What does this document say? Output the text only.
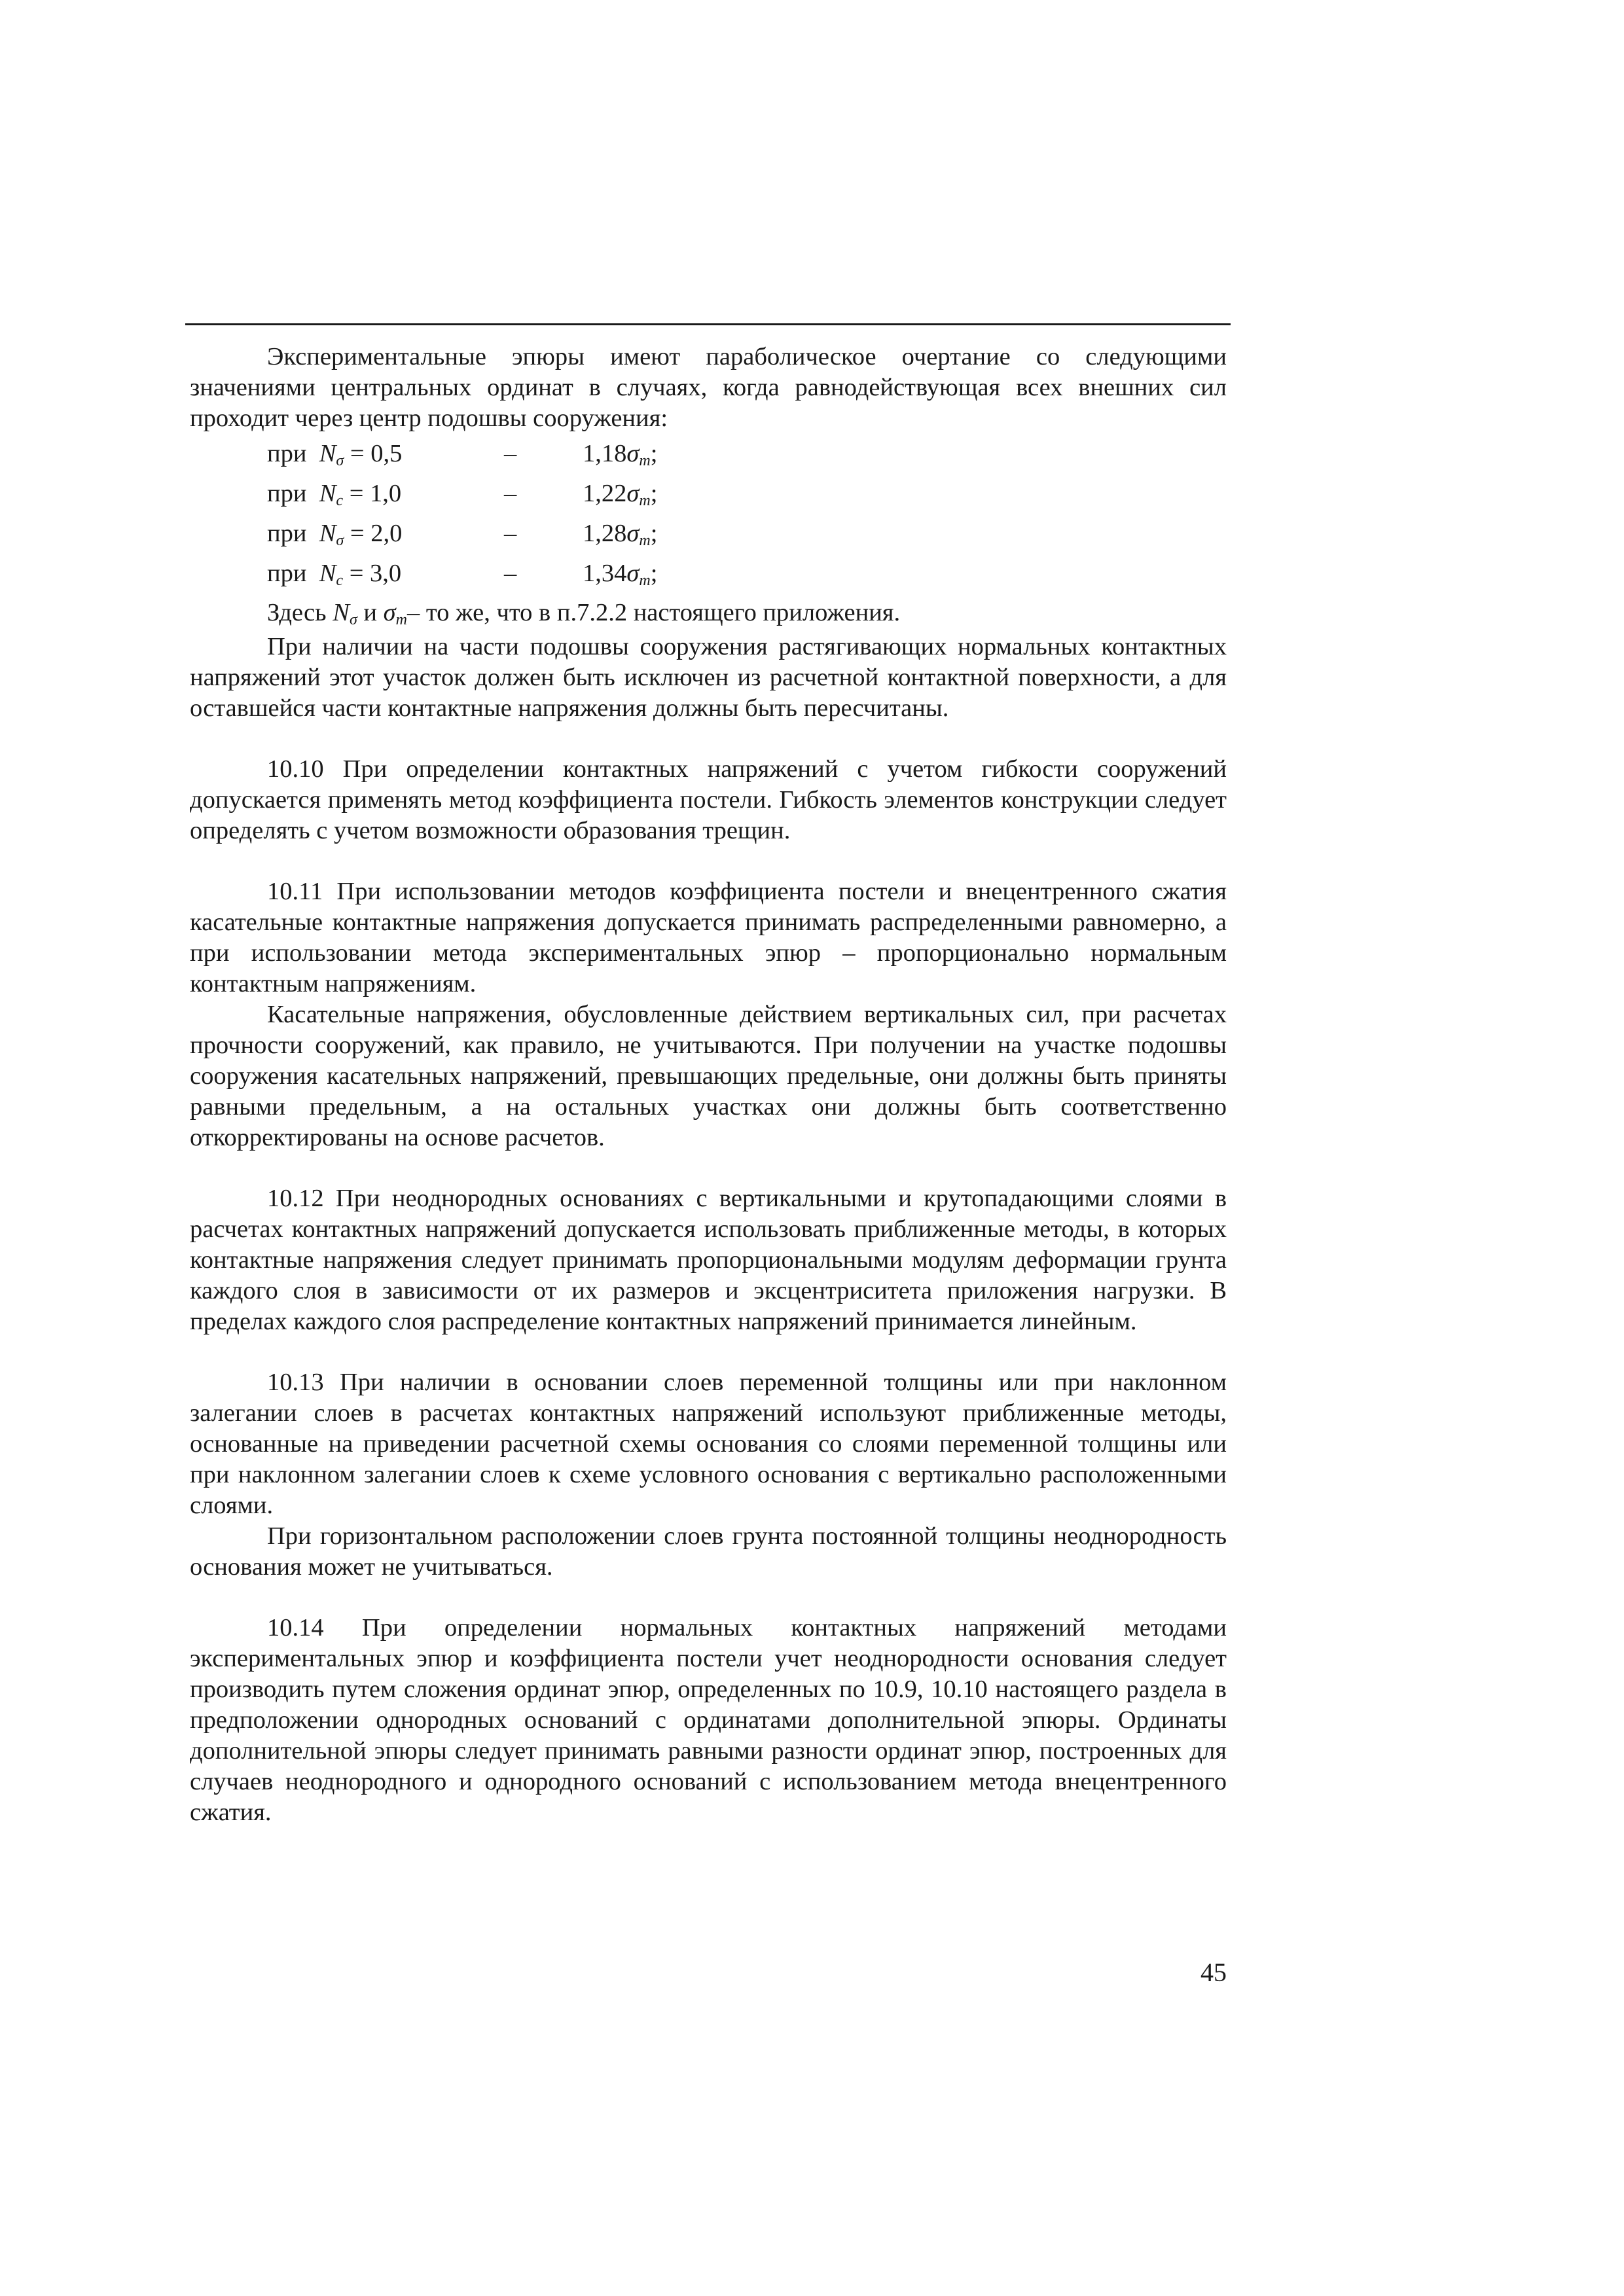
Экспериментальные эпюры имеют параболическое очертание со следующими значениями центральных ординат в случаях, когда равнодействующая всех внешних сил проходит через центр подошвы сооружения:

при $N_\sigma = 0,5$	–	$1,18\sigma_m$;
при $N_c = 1,0$	–	$1,22\sigma_m$;
при $N_\sigma = 2,0$	–	$1,28\sigma_m$;
при $N_c = 3,0$	–	$1,34\sigma_m$;
Здесь $N_\sigma$ и $\sigma_m-$ то же, что в п.7.2.2 настоящего приложения.

При наличии на части подошвы сооружения растягивающих нормальных контактных напряжений этот участок должен быть исключен из расчетной контактной поверхности, а для оставшейся части контактные напряжения должны быть пересчитаны.

10.10 При определении контактных напряжений с учетом гибкости сооружений допускается применять метод коэффициента постели. Гибкость элементов конструкции следует определять с учетом возможности образования трещин.

10.11 При использовании методов коэффициента постели и внецентренного сжатия касательные контактные напряжения допускается принимать распределенными равномерно, а при использовании метода экспериментальных эпюр – пропорционально нормальным контактным напряжениям.

Касательные напряжения, обусловленные действием вертикальных сил, при расчетах прочности сооружений, как правило, не учитываются. При получении на участке подошвы сооружения касательных напряжений, превышающих предельные, они должны быть приняты равными предельным, а на остальных участках они должны быть соответственно откорректированы на основе расчетов.

10.12 При неоднородных основаниях с вертикальными и крутопадающими слоями в расчетах контактных напряжений допускается использовать приближенные методы, в которых контактные напряжения следует принимать пропорциональными модулям деформации грунта каждого слоя в зависимости от их размеров и эксцентриситета приложения нагрузки. В пределах каждого слоя распределение контактных напряжений принимается линейным.

10.13 При наличии в основании слоев переменной толщины или при наклонном залегании слоев в расчетах контактных напряжений используют приближенные методы, основанные на приведении расчетной схемы основания со слоями переменной толщины или при наклонном залегании слоев к схеме условного основания с вертикально расположенными слоями.

При горизонтальном расположении слоев грунта постоянной толщины неоднородность основания может не учитываться.

10.14 При определении нормальных контактных напряжений методами экспериментальных эпюр и коэффициента постели учет неоднородности основания следует производить путем сложения ординат эпюр, определенных по 10.9, 10.10 настоящего раздела в предположении однородных оснований с ординатами дополнительной эпюры. Ординаты дополнительной эпюры следует принимать равными разности ординат эпюр, построенных для случаев неоднородного и однородного оснований с использованием метода внецентренного сжатия.

45
